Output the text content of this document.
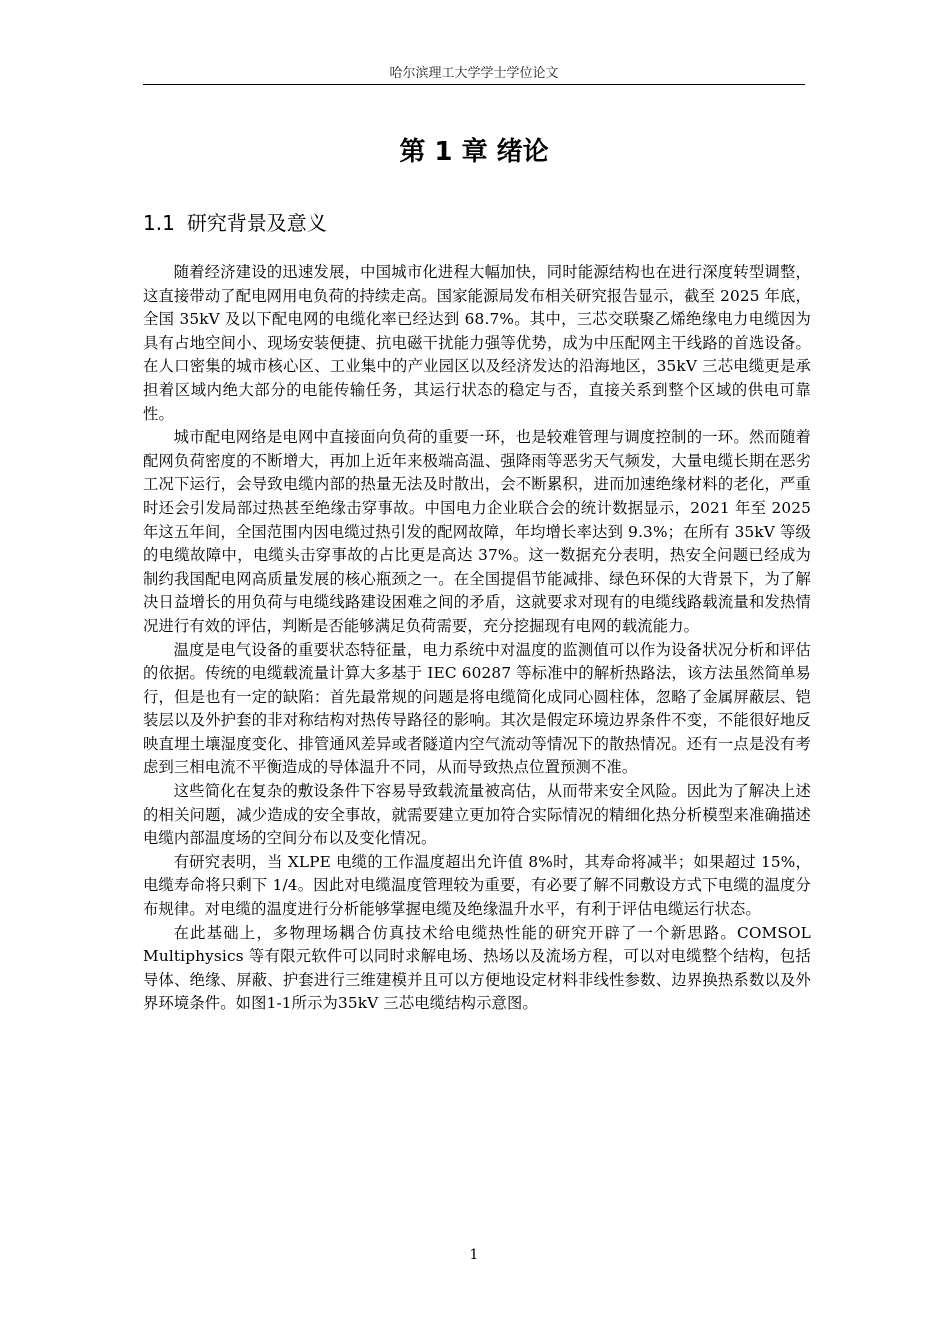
哈尔滨理工大学学士学位论文
第 1 章 绪论
1.1 研究背景及意义

随着经济建设的迅速发展，中国城市化进程大幅加快，同时能源结构也在进行深度转型调整，这直接带动了配电网用电负荷的持续走高。国家能源局发布相关研究报告显示，截至 2025 年底，全国 35kV 及以下配电网的电缆化率已经达到 68.7%。其中，三芯交联聚乙烯绝缘电力电缆因为具有占地空间小、现场安装便捷、抗电磁干扰能力强等优势，成为中压配网主干线路的首选设备。在人口密集的城市核心区、工业集中的产业园区以及经济发达的沿海地区，35kV 三芯电缆更是承担着区域内绝大部分的电能传输任务，其运行状态的稳定与否，直接关系到整个区域的供电可靠性。

城市配电网络是电网中直接面向负荷的重要一环，也是较难管理与调度控制的一环。然而随着配网负荷密度的不断增大，再加上近年来极端高温、强降雨等恶劣天气频发，大量电缆长期在恶劣工况下运行，会导致电缆内部的热量无法及时散出，会不断累积，进而加速绝缘材料的老化，严重时还会引发局部过热甚至绝缘击穿事故。中国电力企业联合会的统计数据显示，2021 年至 2025 年这五年间，全国范围内因电缆过热引发的配网故障，年均增长率达到 9.3%；在所有 35kV 等级的电缆故障中，电缆头击穿事故的占比更是高达 37%。这一数据充分表明，热安全问题已经成为制约我国配电网高质量发展的核心瓶颈之一。在全国提倡节能减排、绿色环保的大背景下，为了解决日益增长的用负荷与电缆线路建设困难之间的矛盾，这就要求对现有的电缆线路载流量和发热情况进行有效的评估，判断是否能够满足负荷需要，充分挖掘现有电网的载流能力。

温度是电气设备的重要状态特征量，电力系统中对温度的监测值可以作为设备状况分析和评估的依据。传统的电缆载流量计算大多基于 IEC 60287 等标准中的解析热路法，该方法虽然简单易行，但是也有一定的缺陷：首先最常规的问题是将电缆简化成同心圆柱体，忽略了金属屏蔽层、铠装层以及外护套的非对称结构对热传导路径的影响。其次是假定环境边界条件不变，不能很好地反映直埋土壤湿度变化、排管通风差异或者隧道内空气流动等情况下的散热情况。还有一点是没有考虑到三相电流不平衡造成的导体温升不同，从而导致热点位置预测不准。

这些简化在复杂的敷设条件下容易导致载流量被高估，从而带来安全风险。因此为了解决上述的相关问题，减少造成的安全事故，就需要建立更加符合实际情况的精细化热分析模型来准确描述电缆内部温度场的空间分布以及变化情况。

有研究表明，当 XLPE 电缆的工作温度超出允许值 8%时，其寿命将减半；如果超过 15%，电缆寿命将只剩下 1/4。因此对电缆温度管理较为重要，有必要了解不同敷设方式下电缆的温度分布规律。对电缆的温度进行分析能够掌握电缆及绝缘温升水平，有利于评估电缆运行状态。

在此基础上，多物理场耦合仿真技术给电缆热性能的研究开辟了一个新思路。COMSOL Multiphysics 等有限元软件可以同时求解电场、热场以及流场方程，可以对电缆整个结构，包括导体、绝缘、屏蔽、护套进行三维建模并且可以方便地设定材料非线性参数、边界换热系数以及外界环境条件。如图1-1所示为35kV 三芯电缆结构示意图。

1
